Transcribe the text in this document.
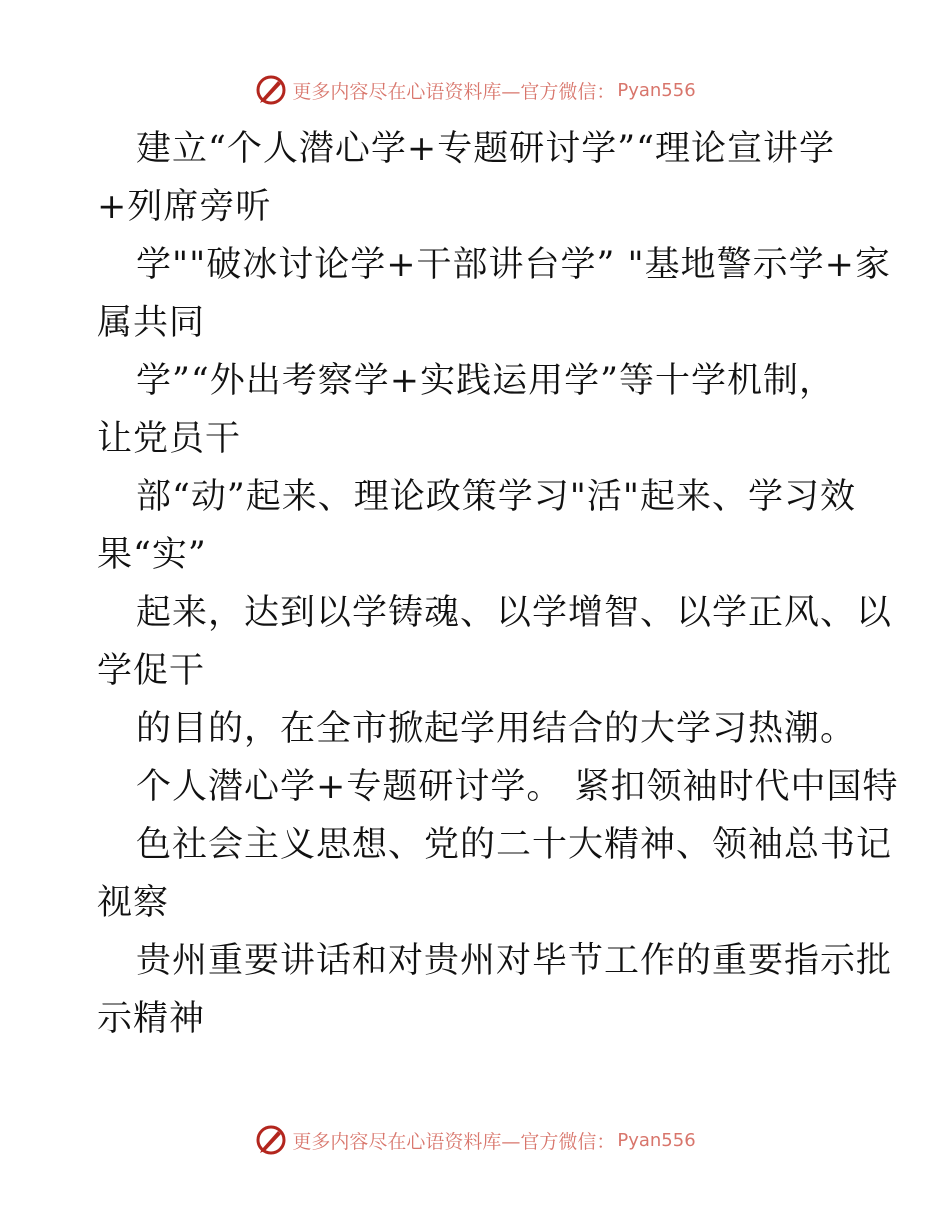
更多内容尽在心语资料库—官方微信： Pyan556
建立“个人潜心学+专题研讨学”“理论宣讲学
+列席旁听
学""破冰讨论学+干部讲台学” "基地警示学+家
属共同
学”“外出考察学+实践运用学”等十学机制，
让党员干
部“动”起来、理论政策学习"活"起来、学习效
果“实”
起来，达到以学铸魂、以学增智、以学正风、以
学促干
的目的，在全市掀起学用结合的大学习热潮。
个人潜心学+专题研讨学。 紧扣领袖时代中国特
色社会主义思想、党的二十大精神、领袖总书记
视察
贵州重要讲话和对贵州对毕节工作的重要指示批
示精神
更多内容尽在心语资料库—官方微信： Pyan556
